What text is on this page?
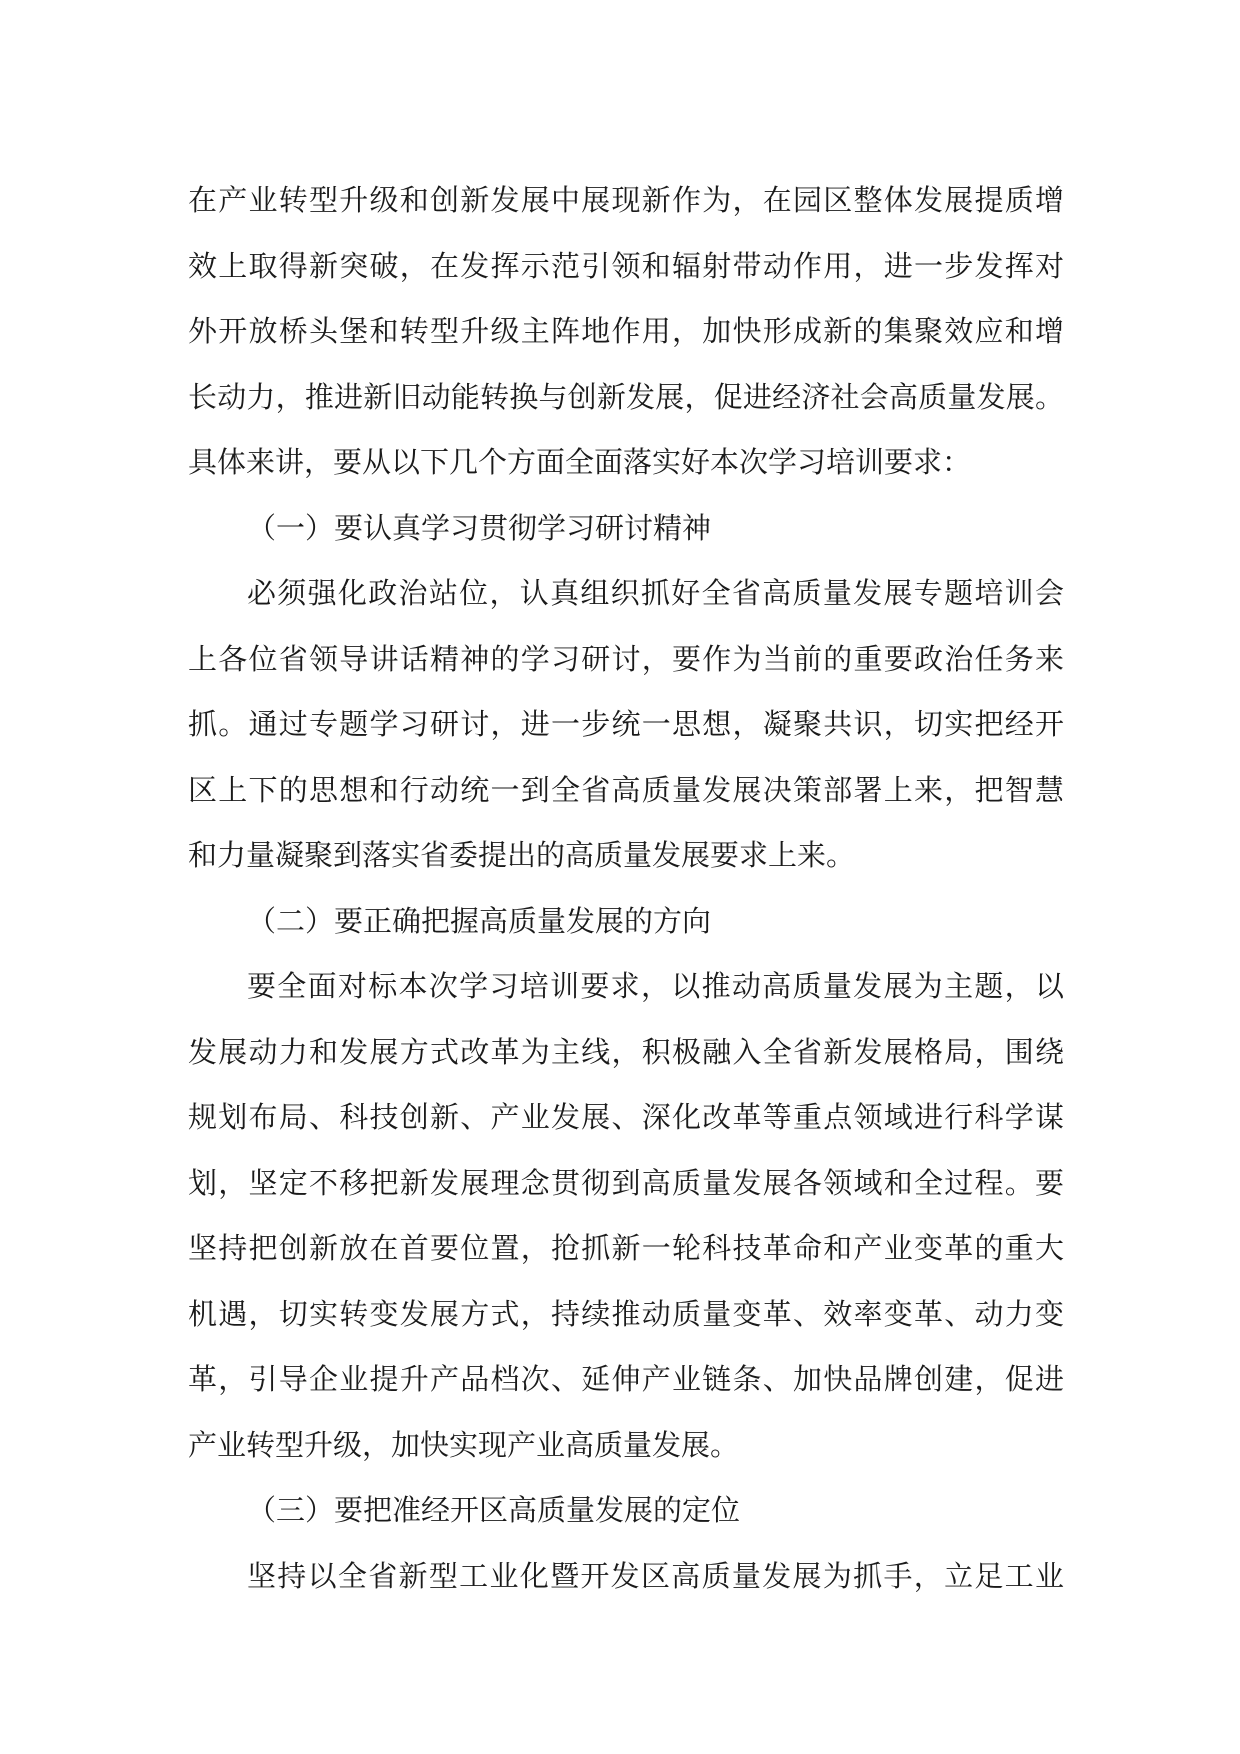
在产业转型升级和创新发展中展现新作为，在园区整体发展提质增
效上取得新突破，在发挥示范引领和辐射带动作用，进一步发挥对
外开放桥头堡和转型升级主阵地作用，加快形成新的集聚效应和增
长动力，推进新旧动能转换与创新发展，促进经济社会高质量发展。
具体来讲，要从以下几个方面全面落实好本次学习培训要求：
（一）要认真学习贯彻学习研讨精神
必须强化政治站位，认真组织抓好全省高质量发展专题培训会
上各位省领导讲话精神的学习研讨，要作为当前的重要政治任务来
抓。通过专题学习研讨，进一步统一思想，凝聚共识，切实把经开
区上下的思想和行动统一到全省高质量发展决策部署上来，把智慧
和力量凝聚到落实省委提出的高质量发展要求上来。
（二）要正确把握高质量发展的方向
要全面对标本次学习培训要求，以推动高质量发展为主题，以
发展动力和发展方式改革为主线，积极融入全省新发展格局，围绕
规划布局、科技创新、产业发展、深化改革等重点领域进行科学谋
划，坚定不移把新发展理念贯彻到高质量发展各领域和全过程。要
坚持把创新放在首要位置，抢抓新一轮科技革命和产业变革的重大
机遇，切实转变发展方式，持续推动质量变革、效率变革、动力变
革，引导企业提升产品档次、延伸产业链条、加快品牌创建，促进
产业转型升级，加快实现产业高质量发展。
（三）要把准经开区高质量发展的定位
坚持以全省新型工业化暨开发区高质量发展为抓手，立足工业
